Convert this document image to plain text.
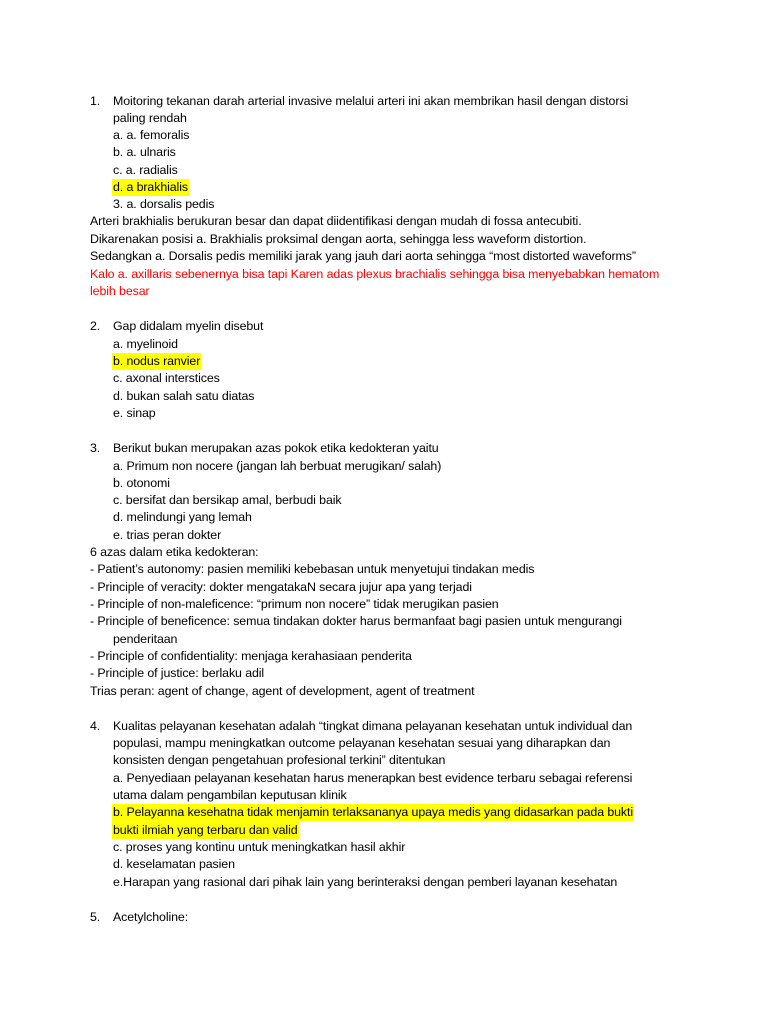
1. Moitoring tekanan darah arterial invasive melalui arteri ini akan membrikan hasil dengan distorsi
paling rendah
a. a. femoralis
b. a. ulnaris
c. a. radialis
d. a brakhialis
3. a. dorsalis pedis
Arteri brakhialis berukuran besar dan dapat diidentifikasi dengan mudah di fossa antecubiti.
Dikarenakan posisi a. Brakhialis proksimal dengan aorta, sehingga less waveform distortion.
Sedangkan a. Dorsalis pedis memiliki jarak yang jauh dari aorta sehingga “most distorted waveforms”
Kalo a. axillaris sebenernya bisa tapi Karen adas plexus brachialis sehingga bisa menyebabkan hematom
lebih besar
2. Gap didalam myelin disebut
a. myelinoid
b. nodus ranvier
c. axonal interstices
d. bukan salah satu diatas
e. sinap
3. Berikut bukan merupakan azas pokok etika kedokteran yaitu
a. Primum non nocere (jangan lah berbuat merugikan/ salah)
b. otonomi
c. bersifat dan bersikap amal, berbudi baik
d. melindungi yang lemah
e. trias peran dokter
6 azas dalam etika kedokteran:
- Patient’s autonomy: pasien memiliki kebebasan untuk menyetujui tindakan medis
- Principle of veracity: dokter mengatakaN secara jujur apa yang terjadi
- Principle of non-maleficence: “primum non nocere” tidak merugikan pasien
- Principle of beneficence: semua tindakan dokter harus bermanfaat bagi pasien untuk mengurangi
penderitaan
- Principle of confidentiality: menjaga kerahasiaan penderita
- Principle of justice: berlaku adil
Trias peran: agent of change, agent of development, agent of treatment
4. Kualitas pelayanan kesehatan adalah “tingkat dimana pelayanan kesehatan untuk individual dan
populasi, mampu meningkatkan outcome pelayanan kesehatan sesuai yang diharapkan dan
konsisten dengan pengetahuan profesional terkini” ditentukan
a. Penyediaan pelayanan kesehatan harus menerapkan best evidence terbaru sebagai referensi
utama dalam pengambilan keputusan klinik
b. Pelayanna kesehatna tidak menjamin terlaksananya upaya medis yang didasarkan pada bukti
bukti ilmiah yang terbaru dan valid
c. proses yang kontinu untuk meningkatkan hasil akhir
d. keselamatan pasien
e.Harapan yang rasional dari pihak lain yang berinteraksi dengan pemberi layanan kesehatan
5. Acetylcholine:
